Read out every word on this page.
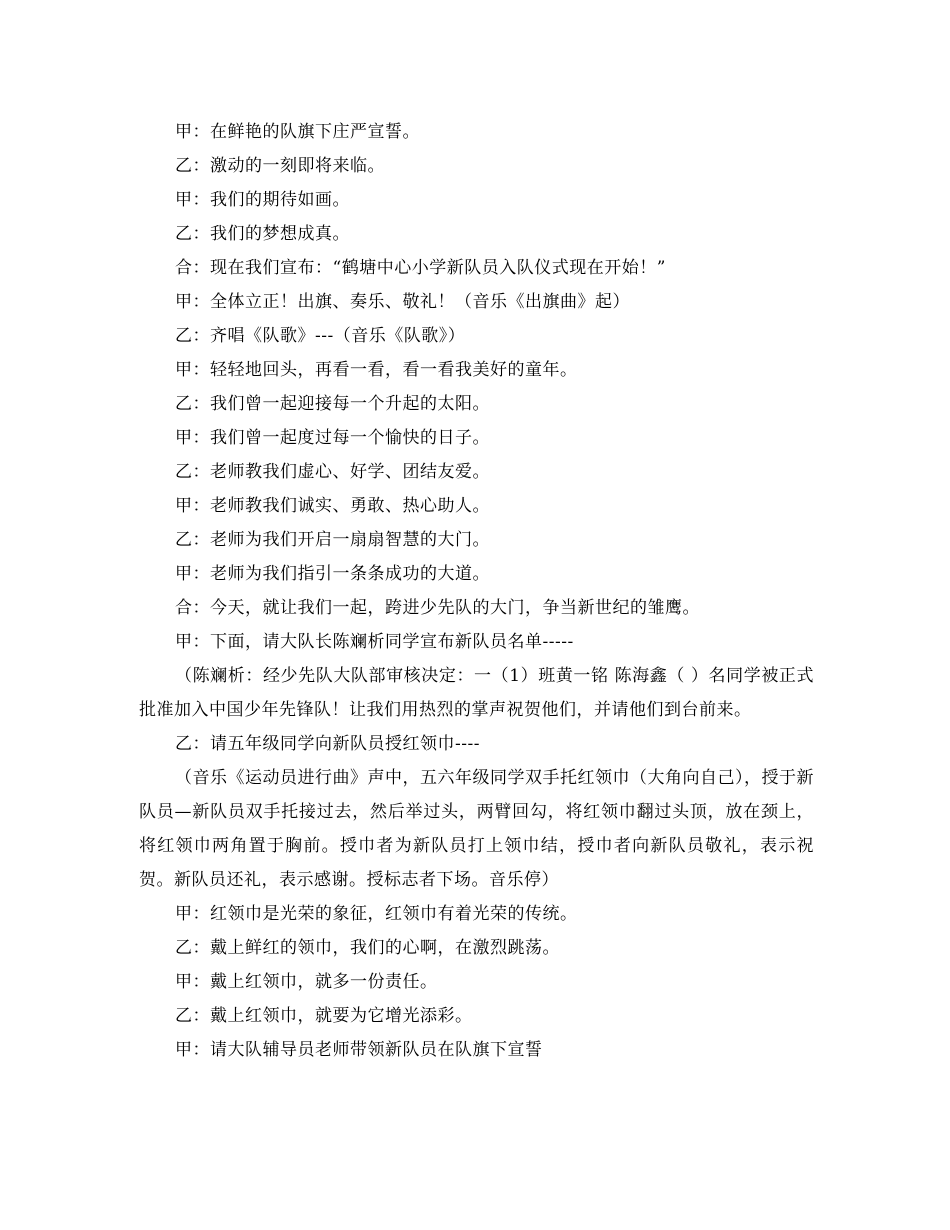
甲：在鲜艳的队旗下庄严宣誓。

乙：激动的一刻即将来临。

甲：我们的期待如画。

乙：我们的梦想成真。

合：现在我们宣布：“鹤塘中心小学新队员入队仪式现在开始！”

甲：全体立正！出旗、奏乐、敬礼！（音乐《出旗曲》起）

乙：齐唱《队歌》---（音乐《队歌》）

甲：轻轻地回头，再看一看，看一看我美好的童年。

乙：我们曾一起迎接每一个升起的太阳。

甲：我们曾一起度过每一个愉快的日子。

乙：老师教我们虚心、好学、团结友爱。

甲：老师教我们诚实、勇敢、热心助人。

乙：老师为我们开启一扇扇智慧的大门。

甲：老师为我们指引一条条成功的大道。

合：今天，就让我们一起，跨进少先队的大门，争当新世纪的雏鹰。

甲：下面，请大队长陈斓析同学宣布新队员名单-----

（陈斓析：经少先队大队部审核决定：一（1）班黄一铭 陈海鑫（ ）名同学被正式批准加入中国少年先锋队！让我们用热烈的掌声祝贺他们，并请他们到台前来。

乙：请五年级同学向新队员授红领巾----

（音乐《运动员进行曲》声中，五六年级同学双手托红领巾（大角向自己），授于新队员—新队员双手托接过去，然后举过头，两臂回勾，将红领巾翻过头顶，放在颈上，将红领巾两角置于胸前。授巾者为新队员打上领巾结，授巾者向新队员敬礼，表示祝贺。新队员还礼，表示感谢。授标志者下场。音乐停）

甲：红领巾是光荣的象征，红领巾有着光荣的传统。

乙：戴上鲜红的领巾，我们的心啊，在激烈跳荡。

甲：戴上红领巾，就多一份责任。

乙：戴上红领巾，就要为它增光添彩。

甲：请大队辅导员老师带领新队员在队旗下宣誓
